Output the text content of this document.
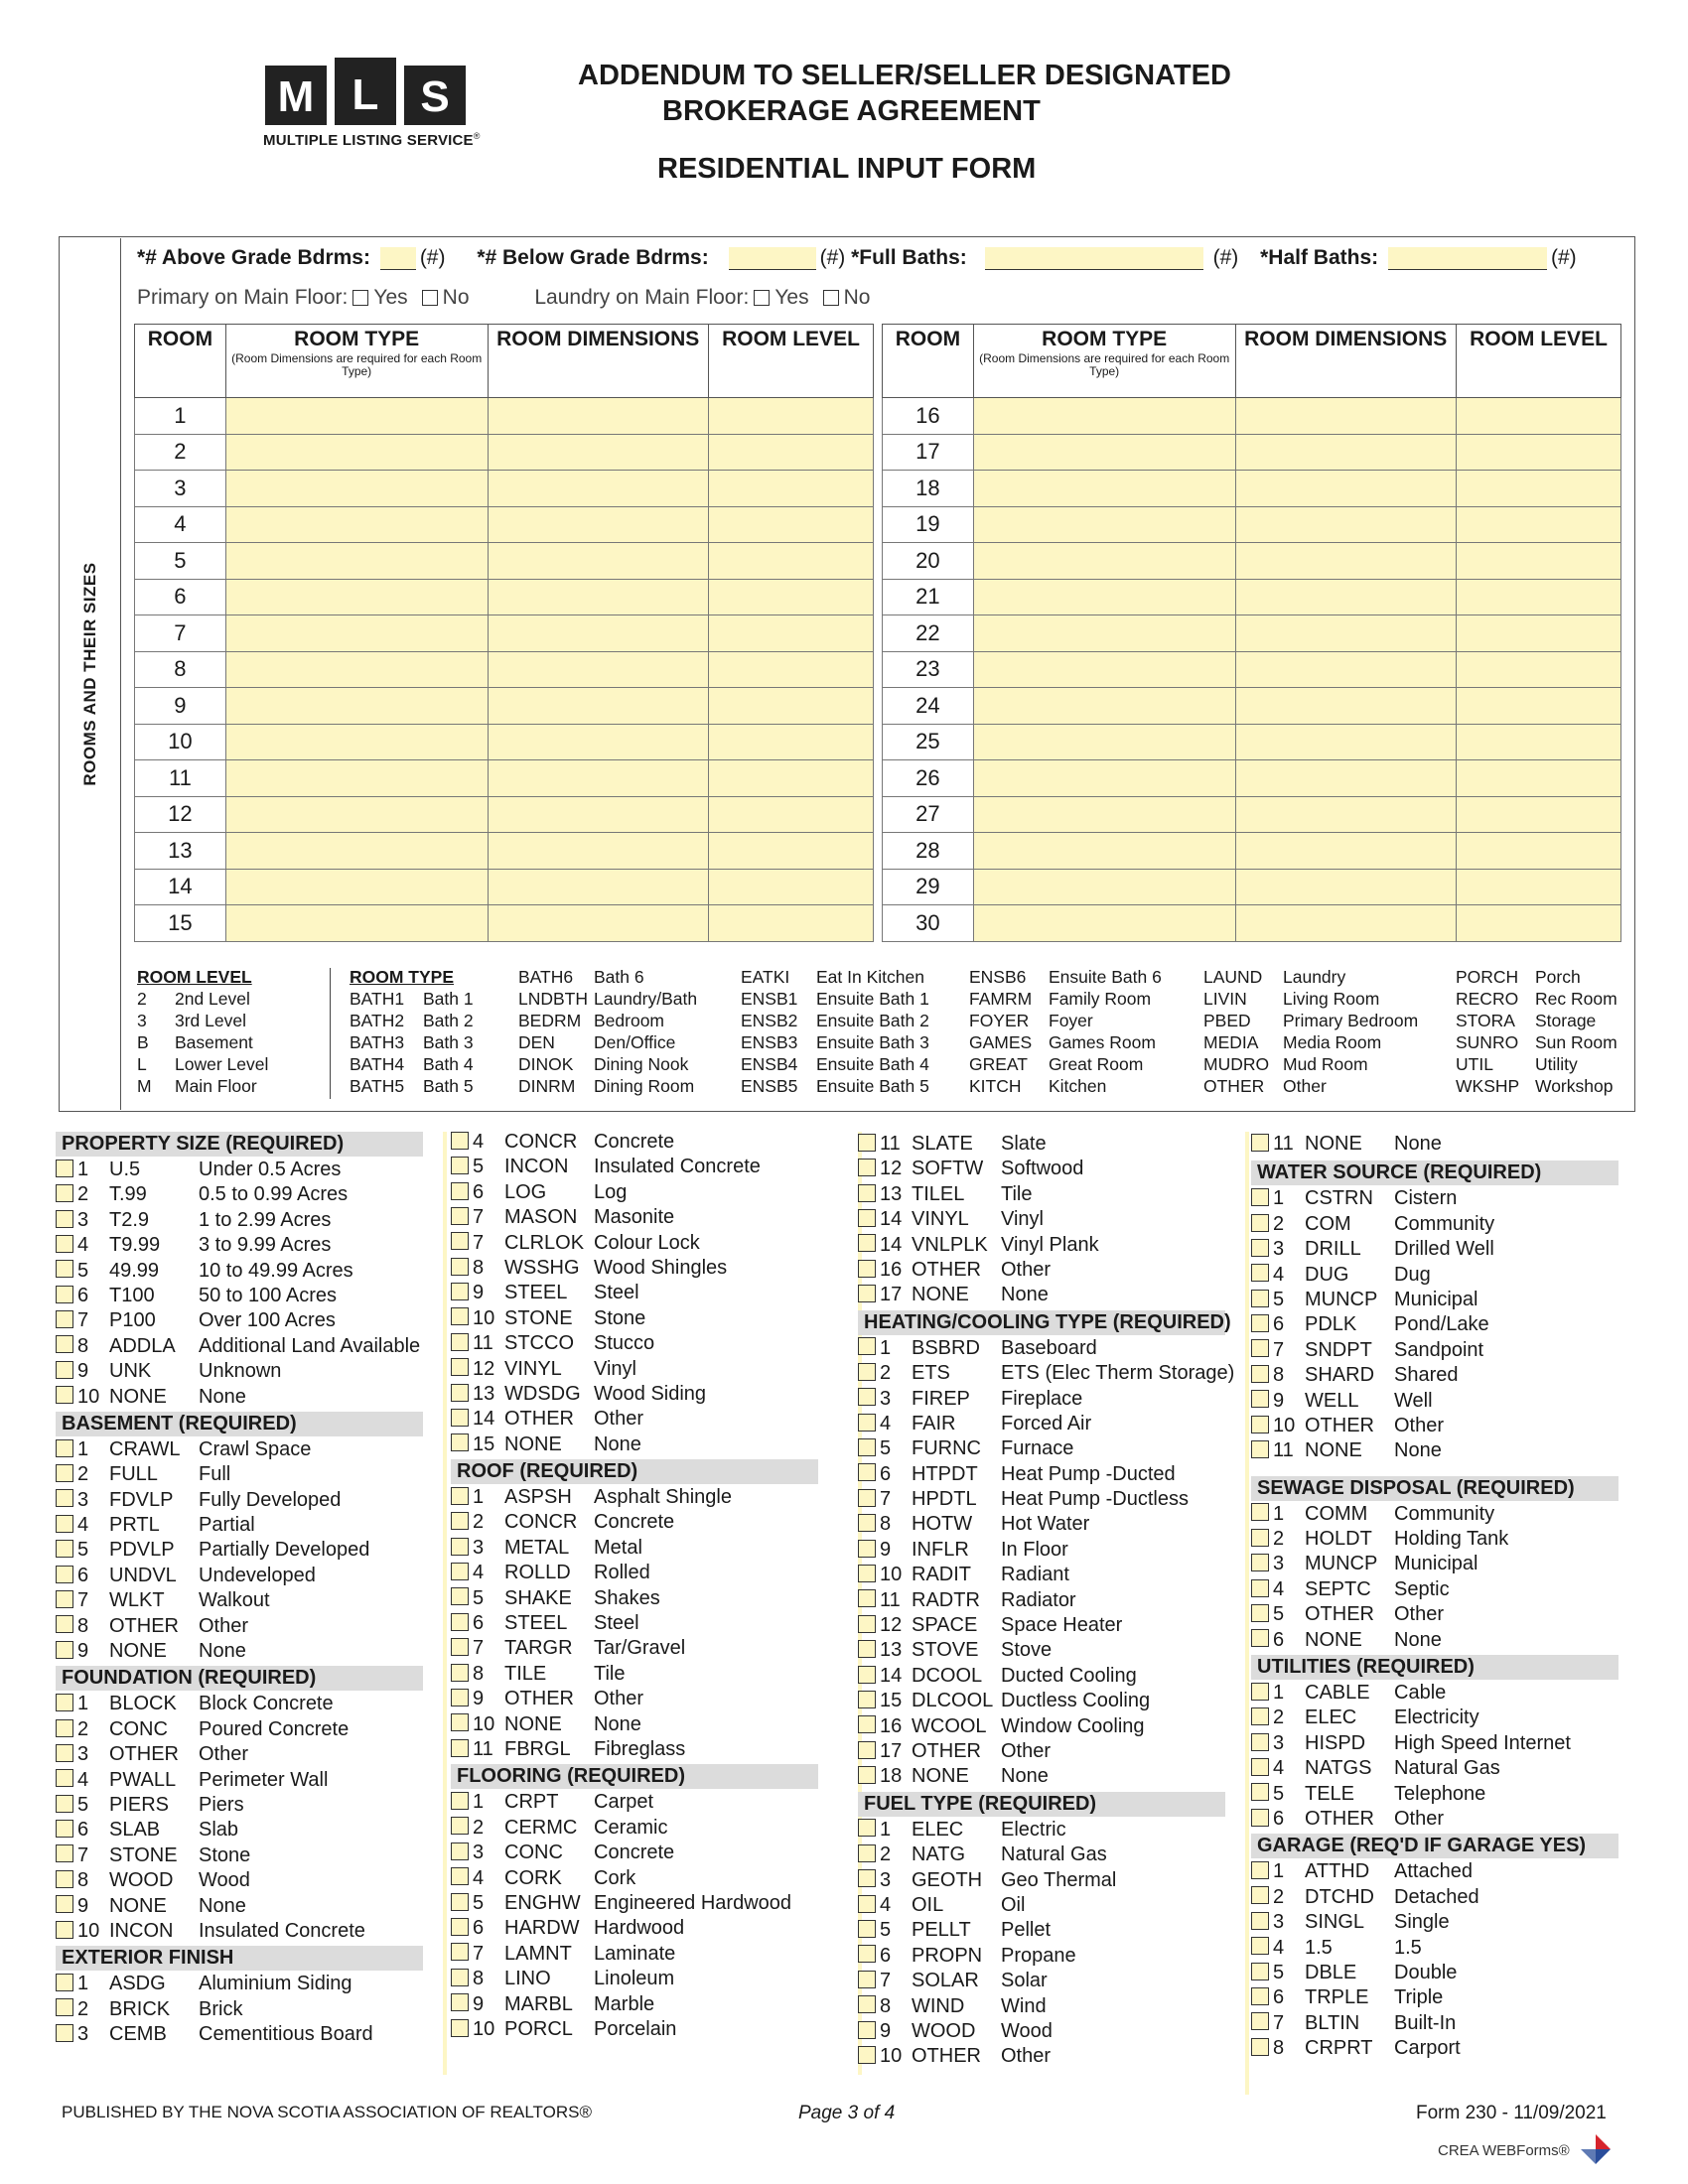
M L S
MULTIPLE LISTING SERVICE®
ADDENDUM TO SELLER/SELLER DESIGNATED
BROKERAGE AGREEMENT
RESIDENTIAL INPUT FORM
ROOMS AND THEIR SIZES
*# Above Grade Bdrms: (#) *# Below Grade Bdrms:	(#) *Full Baths:	(#) *Half Baths:	(#)
Primary on Main Floor: Yes No	Laundry on Main Floor: Yes No
ROOM	ROOM TYPE
(Room Dimensions are required for each Room Type)	ROOM DIMENSIONS	ROOM LEVEL
1			
2			
3			
4			
5			
6			
7			
8			
9			
10			
11			
12			
13			
14			
15			
ROOM	ROOM TYPE
(Room Dimensions are required for each Room Type)	ROOM DIMENSIONS	ROOM LEVEL
16			
17			
18			
19			
20			
21			
22			
23			
24			
25			
26			
27			
28			
29			
30			
ROOM LEVEL
2 2nd Level
3 3rd Level
B Basement
L Lower Level
M Main Floor
ROOM TYPE
BATH1 Bath 1
BATH2 Bath 2
BATH3 Bath 3
BATH4 Bath 4
BATH5 Bath 5
BATH6 Bath 6
LNDBTH Laundry/Bath
BEDRM Bedroom
DEN Den/Office
DINOK Dining Nook
DINRM Dining Room
EATKI Eat In Kitchen
ENSB1 Ensuite Bath 1
ENSB2 Ensuite Bath 2
ENSB3 Ensuite Bath 3
ENSB4 Ensuite Bath 4
ENSB5 Ensuite Bath 5
ENSB6 Ensuite Bath 6
FAMRM Family Room
FOYER Foyer
GAMES Games Room
GREAT Great Room
KITCH Kitchen
LAUND Laundry
LIVIN Living Room
PBED Primary Bedroom
MEDIA Media Room
MUDRO Mud Room
OTHER Other
PORCH Porch
RECRO Rec Room
STORA Storage
SUNRO Sun Room
UTIL Utility
WKSHP Workshop
PROPERTY SIZE (REQUIRED)
1 U.5	Under 0.5 Acres
2 T.99	0.5 to 0.99 Acres
3 T2.9 1 to 2.99 Acres
4 T9.99 3 to 9.99 Acres
5 49.99 10 to 49.99 Acres
6 T100 50 to 100 Acres
7 P100 Over 100 Acres
8 ADDLA Additional Land Available
9 UNK Unknown
10 NONE None
BASEMENT (REQUIRED)
1 CRAWL Crawl Space
2 FULL Full
3 FDVLP Fully Developed
4 PRTL Partial
5 PDVLP Partially Developed
6 UNDVL Undeveloped
7 WLKT Walkout
8 OTHER Other
9 NONE None
FOUNDATION (REQUIRED)
1 BLOCK Block Concrete
2 CONC Poured Concrete
3 OTHER Other
4 PWALL Perimeter Wall
5 PIERS Piers
6 SLAB Slab
7 STONE Stone
8 WOOD Wood
9 NONE None
10 INCON Insulated Concrete
EXTERIOR FINISH
1 ASDG Aluminium Siding
2 BRICK Brick
3 CEMB Cementitious Board
4 CONCR Concrete
5 INCON Insulated Concrete
6 LOG Log
7 MASON Masonite
7 CLRLOK Colour Lock
8 WSSHG Wood Shingles
9 STEEL Steel
10 STONE Stone
11 STCCO Stucco
12 VINYL Vinyl
13 WDSDG Wood Siding
14 OTHER Other
15 NONE None
ROOF (REQUIRED)
1 ASPSH Asphalt Shingle
2 CONCR Concrete
3 METAL Metal
4 ROLLD Rolled
5 SHAKE Shakes
6 STEEL Steel
7 TARGR Tar/Gravel
8 TILE Tile
9 OTHER Other
10 NONE None
11 FBRGL Fibreglass
FLOORING (REQUIRED)
1 CRPT Carpet
2 CERMC Ceramic
3 CONC Concrete
4 CORK Cork
5 ENGHW Engineered Hardwood
6 HARDW Hardwood
7 LAMNT Laminate
8 LINO Linoleum
9 MARBL Marble
10 PORCL Porcelain
11 SLATE Slate
12 SOFTW Softwood
13 TILEL Tile
14 VINYL Vinyl
14 VNLPLK Vinyl Plank
16 OTHER Other
17 NONE None
HEATING/COOLING TYPE (REQUIRED)
1 BSBRD Baseboard
2 ETS	ETS (Elec Therm Storage)
3 FIREP Fireplace
4 FAIR Forced Air
5 FURNC Furnace
6 HTPDT Heat Pump -Ducted
7 HPDTL Heat Pump -Ductless
8 HOTW Hot Water
9 INFLR In Floor
10 RADIT Radiant
11 RADTR Radiator
12 SPACE Space Heater
13 STOVE Stove
14 DCOOL Ducted Cooling
15 DLCOOL Ductless Cooling
16 WCOOL Window Cooling
17 OTHER Other
18 NONE None
FUEL TYPE (REQUIRED)
1 ELEC Electric
2 NATG Natural Gas
3 GEOTH Geo Thermal
4 OIL	Oil
5 PELLT Pellet
6 PROPN Propane
7 SOLAR Solar
8 WIND Wind
9 WOOD Wood
10 OTHER Other
11 NONE None
WATER SOURCE (REQUIRED)
1 CSTRN Cistern
2 COM Community
3 DRILL Drilled Well
4 DUG Dug
5 MUNCP Municipal
6 PDLK Pond/Lake
7 SNDPT Sandpoint
8 SHARD Shared
9 WELL Well
10 OTHER Other
11 NONE None
SEWAGE DISPOSAL (REQUIRED)
1 COMM Community
2 HOLDT Holding Tank
3 MUNCP Municipal
4 SEPTC Septic
5 OTHER Other
6 NONE None
UTILITIES (REQUIRED)
1 CABLE Cable
2 ELEC Electricity
3 HISPD High Speed Internet
4 NATGS Natural Gas
5 TELE Telephone
6 OTHER Other
GARAGE (REQ'D IF GARAGE YES)
1 ATTHD Attached
2 DTCHD Detached
3 SINGL Single
4 1.5	1.5
5 DBLE Double
6 TRPLE Triple
7 BLTIN Built-In
8 CRPRT Carport
PUBLISHED BY THE NOVA SCOTIA ASSOCIATION OF REALTORS®	Page 3 of 4	Form 230 - 11/09/2021
CREA WEBForms®
